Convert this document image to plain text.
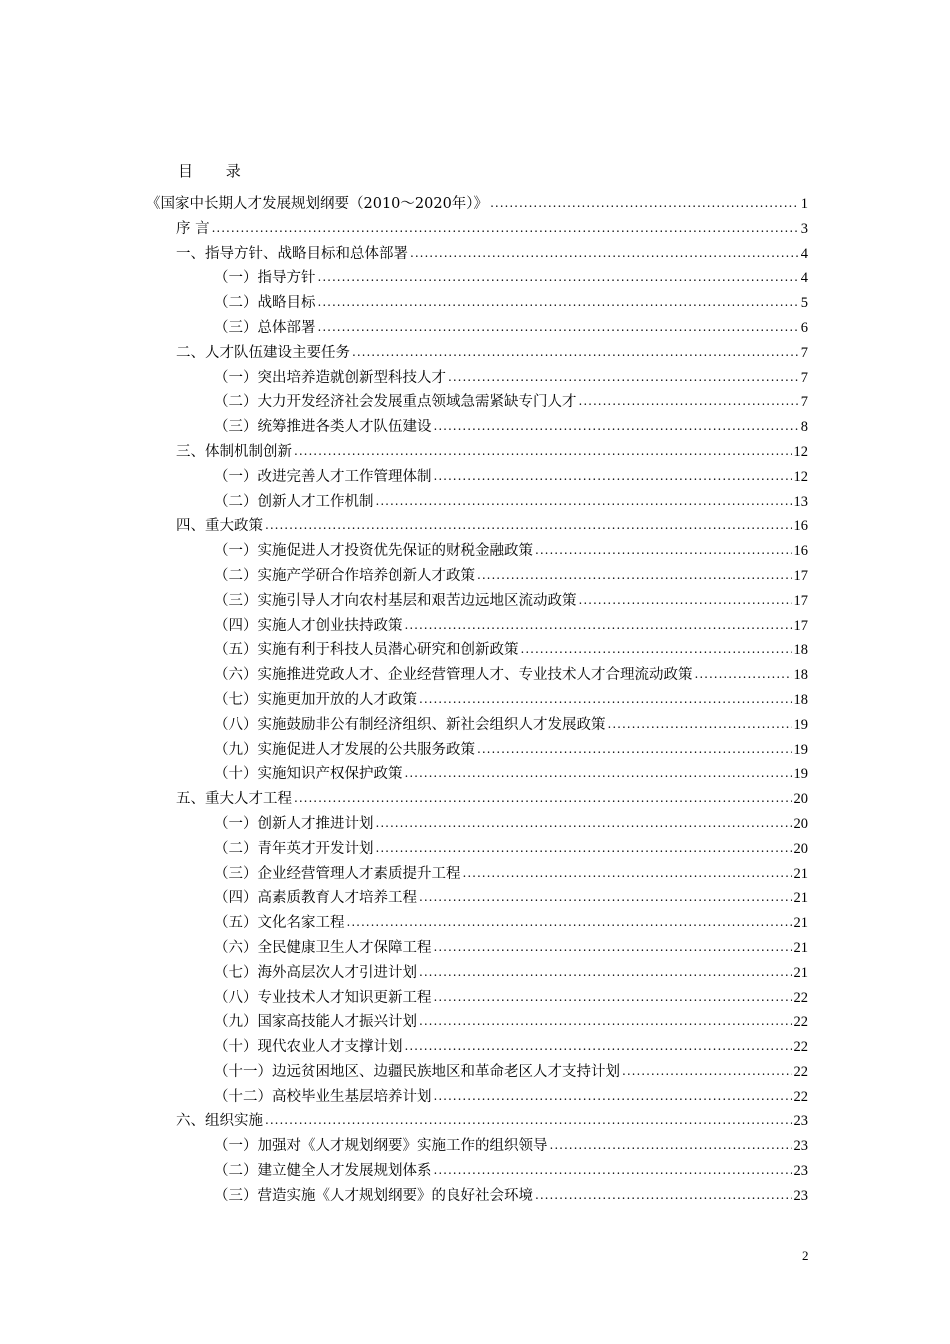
目 录
《国家中长期人才发展规划纲要（2010～2020年）》 .....	1
序 言 .....	3
一、指导方针、战略目标和总体部署 .....	4
（一）指导方针 .....	4
（二）战略目标 .....	5
（三）总体部署 .....	6
二、人才队伍建设主要任务 .....	7
（一）突出培养造就创新型科技人才 .....	7
（二）大力开发经济社会发展重点领域急需紧缺专门人才 .....	7
（三）统筹推进各类人才队伍建设 .....	8
三、体制机制创新 .....	12
（一）改进完善人才工作管理体制 .....	12
（二）创新人才工作机制 .....	13
四、重大政策 .....	16
（一）实施促进人才投资优先保证的财税金融政策 .....	16
（二）实施产学研合作培养创新人才政策 .....	17
（三）实施引导人才向农村基层和艰苦边远地区流动政策 .....	17
（四）实施人才创业扶持政策 .....	17
（五）实施有利于科技人员潜心研究和创新政策 .....	18
（六）实施推进党政人才、企业经营管理人才、专业技术人才合理流动政策 .....	18
（七）实施更加开放的人才政策 .....	18
（八）实施鼓励非公有制经济组织、新社会组织人才发展政策 .....	19
（九）实施促进人才发展的公共服务政策 .....	19
（十）实施知识产权保护政策 .....	19
五、重大人才工程 .....	20
（一）创新人才推进计划 .....	20
（二）青年英才开发计划 .....	20
（三）企业经营管理人才素质提升工程 .....	21
（四）高素质教育人才培养工程 .....	21
（五）文化名家工程 .....	21
（六）全民健康卫生人才保障工程 .....	21
（七）海外高层次人才引进计划 .....	21
（八）专业技术人才知识更新工程 .....	22
（九）国家高技能人才振兴计划 .....	22
（十）现代农业人才支撑计划 .....	22
（十一）边远贫困地区、边疆民族地区和革命老区人才支持计划 .....	22
（十二）高校毕业生基层培养计划 .....	22
六、组织实施 .....	23
（一）加强对《人才规划纲要》实施工作的组织领导 .....	23
（二）建立健全人才发展规划体系 .....	23
（三）营造实施《人才规划纲要》的良好社会环境 .....	23
2
